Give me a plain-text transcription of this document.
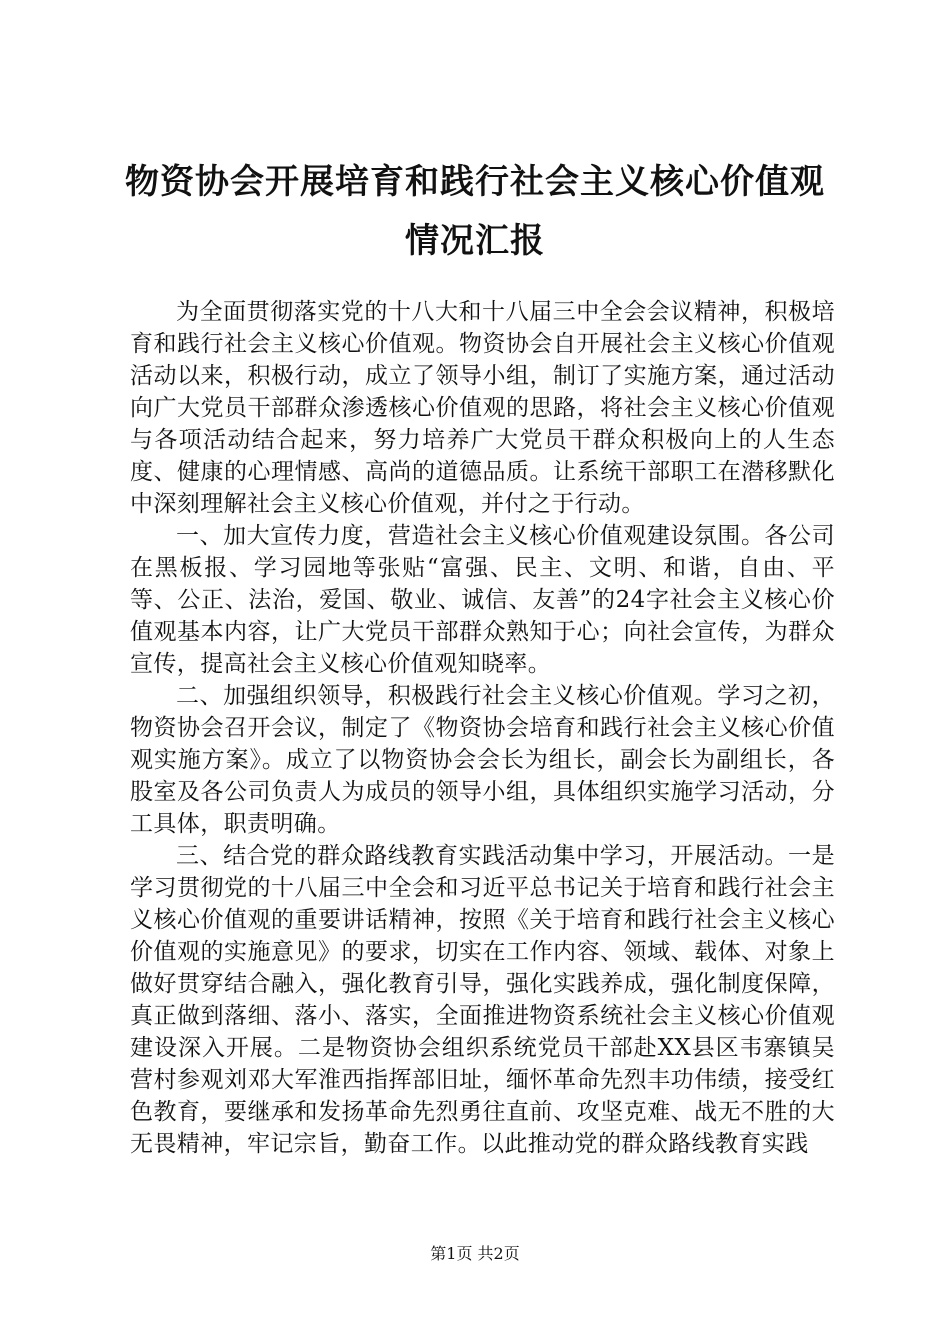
物资协会开展培育和践行社会主义核心价值观
情况汇报

为全面贯彻落实党的十八大和十八届三中全会会议精神，积极培育和践行社会主义核心价值观。物资协会自开展社会主义核心价值观活动以来，积极行动，成立了领导小组，制订了实施方案，通过活动向广大党员干部群众渗透核心价值观的思路，将社会主义核心价值观与各项活动结合起来，努力培养广大党员干群众积极向上的人生态度、健康的心理情感、高尚的道德品质。让系统干部职工在潜移默化中深刻理解社会主义核心价值观，并付之于行动。

一、加大宣传力度，营造社会主义核心价值观建设氛围。各公司在黑板报、学习园地等张贴“富强、民主、文明、和谐，自由、平等、公正、法治，爱国、敬业、诚信、友善”的24字社会主义核心价值观基本内容，让广大党员干部群众熟知于心；向社会宣传，为群众宣传，提高社会主义核心价值观知晓率。

二、加强组织领导，积极践行社会主义核心价值观。学习之初，物资协会召开会议，制定了《物资协会培育和践行社会主义核心价值观实施方案》。成立了以物资协会会长为组长，副会长为副组长，各股室及各公司负责人为成员的领导小组，具体组织实施学习活动，分工具体，职责明确。

三、结合党的群众路线教育实践活动集中学习，开展活动。一是学习贯彻党的十八届三中全会和习近平总书记关于培育和践行社会主义核心价值观的重要讲话精神，按照《关于培育和践行社会主义核心价值观的实施意见》的要求，切实在工作内容、领域、载体、对象上做好贯穿结合融入，强化教育引导，强化实践养成，强化制度保障，真正做到落细、落小、落实，全面推进物资系统社会主义核心价值观建设深入开展。二是物资协会组织系统党员干部赴XX县区韦寨镇吴营村参观刘邓大军淮西指挥部旧址，缅怀革命先烈丰功伟绩，接受红色教育，要继承和发扬革命先烈勇往直前、攻坚克难、战无不胜的大无畏精神，牢记宗旨，勤奋工作。以此推动党的群众路线教育实践

第1页 共2页
